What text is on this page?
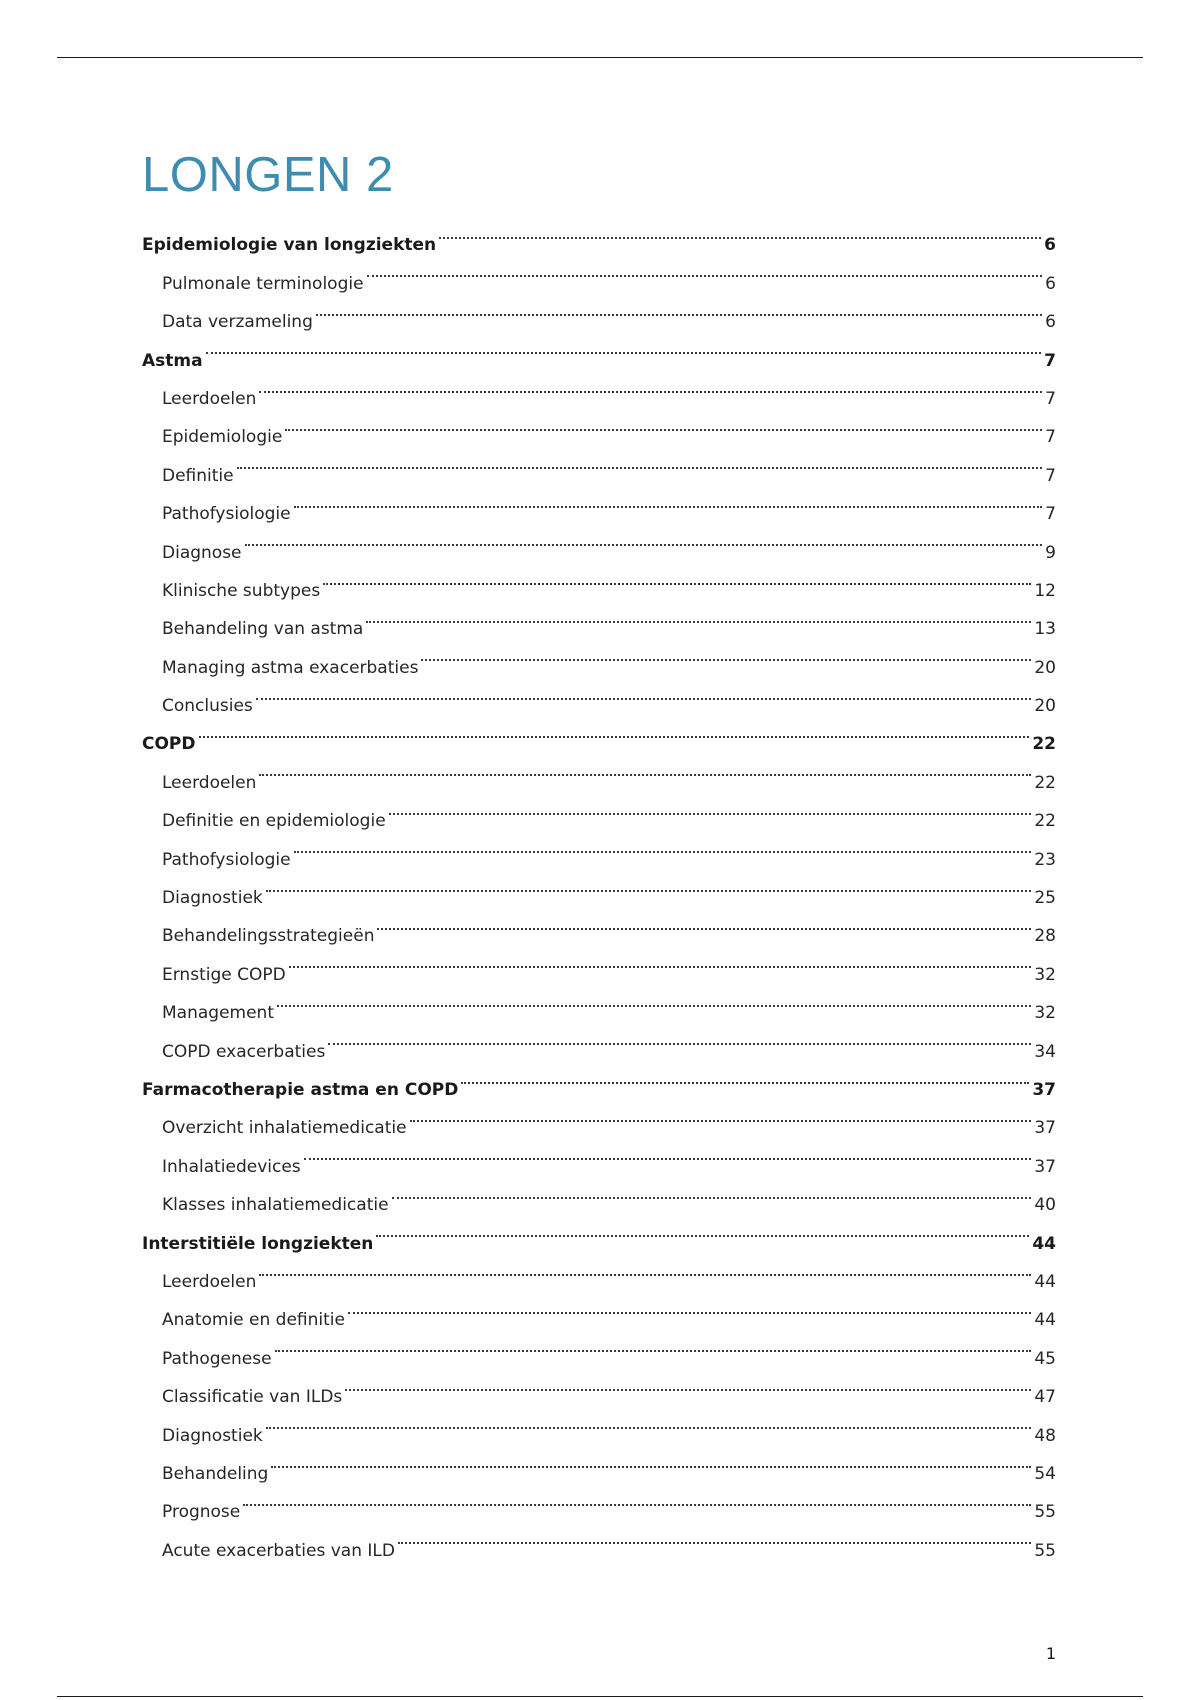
LONGEN 2
Epidemiologie van longziekten	6
Pulmonale terminologie	6
Data verzameling	6
Astma	7
Leerdoelen	7
Epidemiologie	7
Definitie	7
Pathofysiologie	7
Diagnose	9
Klinische subtypes	12
Behandeling van astma	13
Managing astma exacerbaties	20
Conclusies	20
COPD	22
Leerdoelen	22
Definitie en epidemiologie	22
Pathofysiologie	23
Diagnostiek	25
Behandelingsstrategieën	28
Ernstige COPD	32
Management	32
COPD exacerbaties	34
Farmacotherapie astma en COPD	37
Overzicht inhalatiemedicatie	37
Inhalatiedevices	37
Klasses inhalatiemedicatie	40
Interstitiële longziekten	44
Leerdoelen	44
Anatomie en definitie	44
Pathogenese	45
Classificatie van ILDs	47
Diagnostiek	48
Behandeling	54
Prognose	55
Acute exacerbaties van ILD	55
1
